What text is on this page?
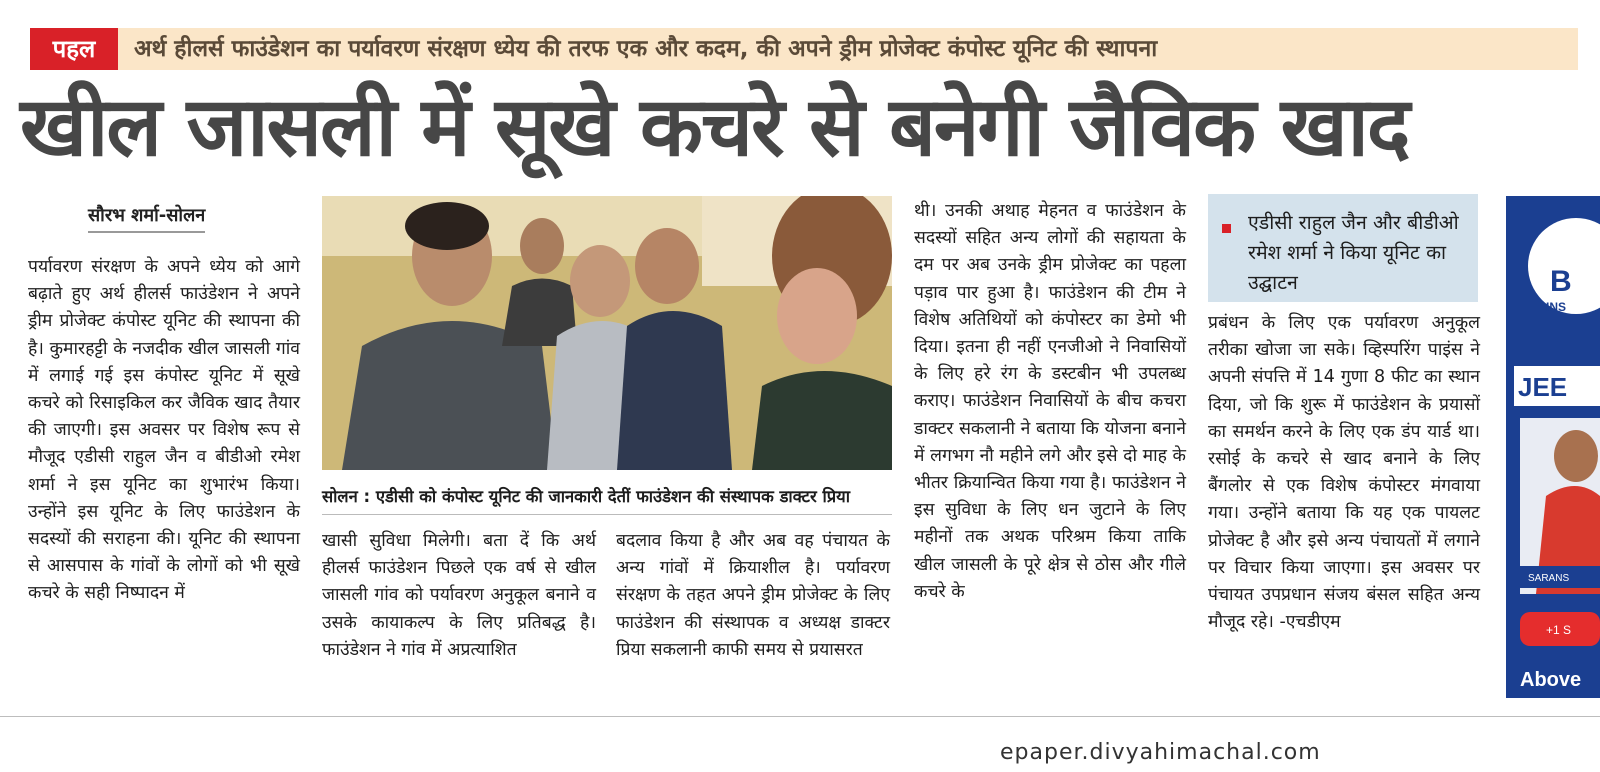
पहल	अर्थ हीलर्स फाउंडेशन का पर्यावरण संरक्षण ध्येय की तरफ एक और कदम, की अपने ड्रीम प्रोजेक्ट कंपोस्ट यूनिट की स्थापना
खील जासली में सूखे कचरे से बनेगी जैविक खाद
सौरभ शर्मा-सोलन

पर्यावरण संरक्षण के अपने ध्येय को आगे बढ़ाते हुए अर्थ हीलर्स फाउंडेशन ने अपने ड्रीम प्रोजेक्ट कंपोस्ट यूनिट की स्थापना की है। कुमारहट्टी के नजदीक खील जासली गांव में लगाई गई इस कंपोस्ट यूनिट में सूखे कचरे को रिसाइकिल कर जैविक खाद तैयार की जाएगी। इस अवसर पर विशेष रूप से मौजूद एडीसी राहुल जैन व बीडीओ रमेश शर्मा ने इस यूनिट का शुभारंभ किया। उन्होंने इस यूनिट के लिए फाउंडेशन के सदस्यों की सराहना की। यूनिट की स्थापना से आसपास के गांवों के लोगों को भी सूखे कचरे के सही निष्पादन में

सोलन : एडीसी को कंपोस्ट यूनिट की जानकारी देतीं फाउंडेशन की संस्थापक डाक्टर प्रिया

खासी सुविधा मिलेगी। बता दें कि अर्थ हीलर्स फाउंडेशन पिछले एक वर्ष से खील जासली गांव को पर्यावरण अनुकूल बनाने व उसके कायाकल्प के लिए प्रतिबद्ध है। फाउंडेशन ने गांव में अप्रत्याशित

बदलाव किया है और अब वह पंचायत के अन्य गांवों में क्रियाशील है। पर्यावरण संरक्षण के तहत अपने ड्रीम प्रोजेक्ट के लिए फाउंडेशन की संस्थापक व अध्यक्ष डाक्टर प्रिया सकलानी काफी समय से प्रयासरत

थी। उनकी अथाह मेहनत व फाउंडेशन के सदस्यों सहित अन्य लोगों की सहायता के दम पर अब उनके ड्रीम प्रोजेक्ट का पहला पड़ाव पार हुआ है। फाउंडेशन की टीम ने विशेष अतिथियों को कंपोस्टर का डेमो भी दिया। इतना ही नहीं एनजीओ ने निवासियों के लिए हरे रंग के डस्टबीन भी उपलब्ध कराए। फाउंडेशन निवासियों के बीच कचरा डाक्टर सकलानी ने बताया कि योजना बनाने में लगभग नौ महीने लगे और इसे दो माह के भीतर क्रियान्वित किया गया है। फाउंडेशन ने इस सुविधा के लिए धन जुटाने के लिए महीनों तक अथक परिश्रम किया ताकि खील जासली के पूरे क्षेत्र से ठोस और गीले कचरे के

एडीसी राहुल जैन और बीडीओ रमेश शर्मा ने किया यूनिट का उद्घाटन

प्रबंधन के लिए एक पर्यावरण अनुकूल तरीका खोजा जा सके। व्हिस्परिंग पाइंस ने अपनी संपत्ति में 14 गुणा 8 फीट का स्थान दिया, जो कि शुरू में फाउंडेशन के प्रयासों का समर्थन करने के लिए एक डंप यार्ड था। रसोई के कचरे से खाद बनाने के लिए बैंगलोर से एक विशेष कंपोस्टर मंगवाया गया। उन्होंने बताया कि यह एक पायलट प्रोजेक्ट है और इसे अन्य पंचायतों में लगाने पर विचार किया जाएगा। इस अवसर पर पंचायत उपप्रधान संजय बंसल सहित अन्य मौजूद रहे। -एचडीएम

B
INS
JEE
SARANS
+1 S
Above
epaper.divyahimachal.com
